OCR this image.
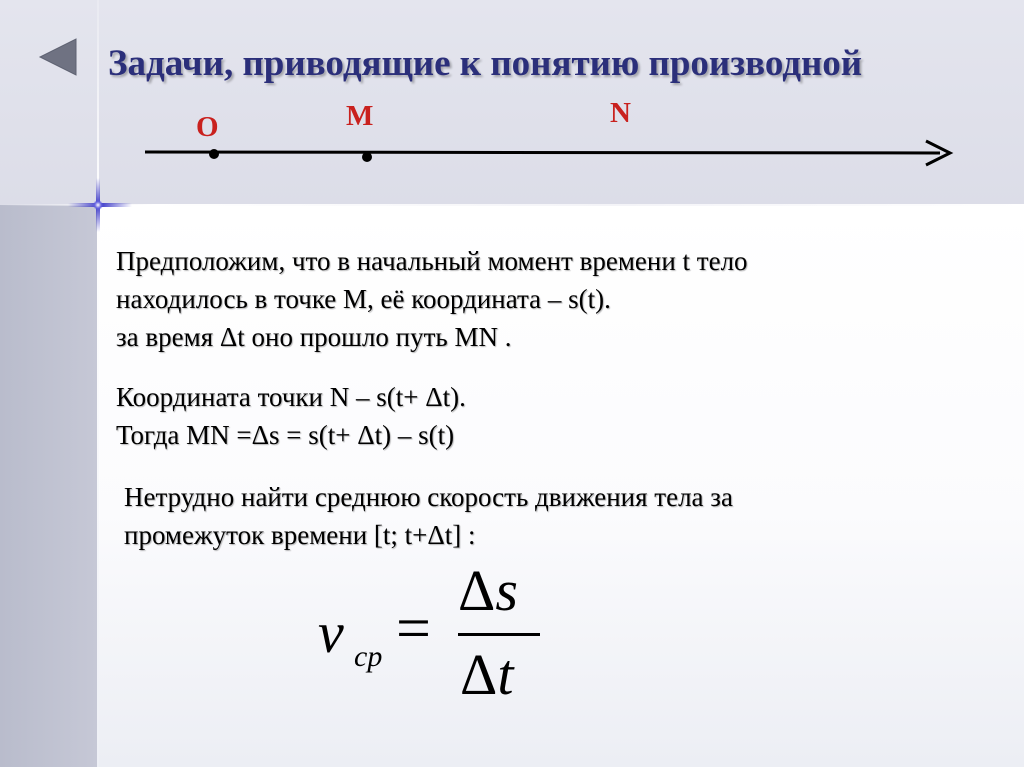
Задачи, приводящие к понятию производной
O	M	N

Предположим, что в начальный момент времени t тело
находилось в точке M, её координата – s(t).
за время Δt оно прошло путь MN .

Координата точки N – s(t+ Δt).
Тогда MN =Δs = s(t+ Δt) – s(t)

Нетрудно найти среднюю скорость движения тела за
промежуток времени [t; t+Δt] :

v cp =
Δs
Δt
